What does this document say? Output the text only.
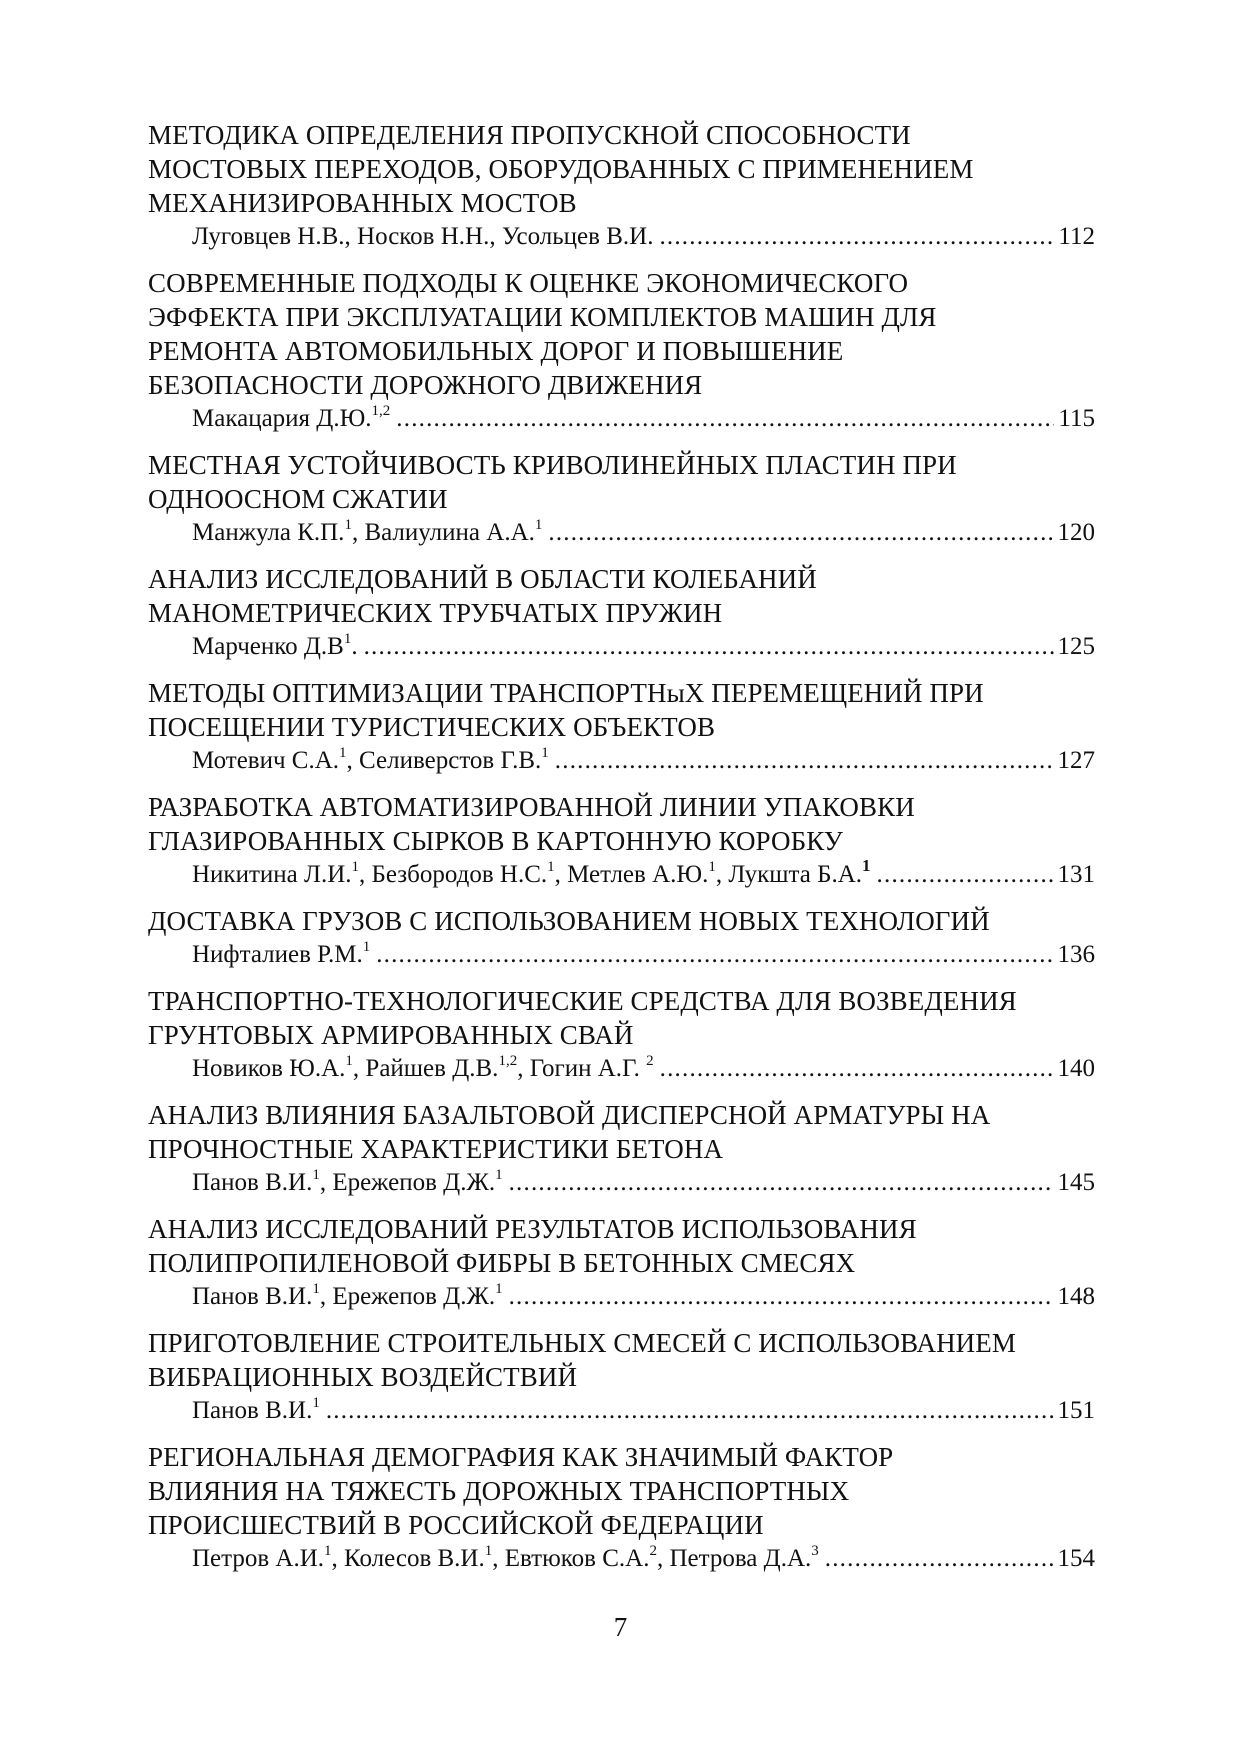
МЕТОДИКА ОПРЕДЕЛЕНИЯ ПРОПУСКНОЙ СПОСОБНОСТИ
МОСТОВЫХ ПЕРЕХОДОВ, ОБОРУДОВАННЫХ С ПРИМЕНЕНИЕМ
МЕХАНИЗИРОВАННЫХ МОСТОВ
Луговцев Н.В., Носков Н.Н., Усольцев В.И. .....	112
СОВРЕМЕННЫЕ ПОДХОДЫ К ОЦЕНКЕ ЭКОНОМИЧЕСКОГО
ЭФФЕКТА ПРИ ЭКСПЛУАТАЦИИ КОМПЛЕКТОВ МАШИН ДЛЯ
РЕМОНТА АВТОМОБИЛЬНЫХ ДОРОГ И ПОВЫШЕНИЕ
БЕЗОПАСНОСТИ ДОРОЖНОГО ДВИЖЕНИЯ
Макацария Д.Ю.$^{1,2}$ .....	115
МЕСТНАЯ УСТОЙЧИВОСТЬ КРИВОЛИНЕЙНЫХ ПЛАСТИН ПРИ
ОДНООСНОМ СЖАТИИ
Манжула К.П.$^1$, Валиулина А.А.$^1$ .....	120
АНАЛИЗ ИССЛЕДОВАНИЙ В ОБЛАСТИ КОЛЕБАНИЙ
МАНОМЕТРИЧЕСКИХ ТРУБЧАТЫХ ПРУЖИН
Марченко $Д.В^1$. .....	125
МЕТОДЫ ОПТИМИЗАЦИИ ТРАНСПОРТНыХ ПЕРЕМЕЩЕНИЙ ПРИ
ПОСЕЩЕНИИ ТУРИСТИЧЕСКИХ ОБЪЕКТОВ
Мотевич С.А.$^1$, Селиверстов Г.В.$^1$ .....	127
РАЗРАБОТКА АВТОМАТИЗИРОВАННОЙ ЛИНИИ УПАКОВКИ
ГЛАЗИРОВАННЫХ СЫРКОВ В КАРТОННУЮ КОРОБКУ
Никитина Л.И.$^1$, Безбородов Н.С.$^1$, Метлев А.Ю.$^1$, Лукшта Б.А.$^1$ .....	131
ДОСТАВКА ГРУЗОВ С ИСПОЛЬЗОВАНИЕМ НОВЫХ ТЕХНОЛОГИЙ
Нифталиев Р.М.$^1$ .....	136
ТРАНСПОРТНО-ТЕХНОЛОГИЧЕСКИЕ СРЕДСТВА ДЛЯ ВОЗВЕДЕНИЯ
ГРУНТОВЫХ АРМИРОВАННЫХ СВАЙ
Новиков Ю.А.$^1$, Райшев Д.В.$^{1,2}$, Гогин А.Г. $^2$ .....	140
АНАЛИЗ ВЛИЯНИЯ БАЗАЛЬТОВОЙ ДИСПЕРСНОЙ АРМАТУРЫ НА
ПРОЧНОСТНЫЕ ХАРАКТЕРИСТИКИ БЕТОНА
Панов В.И.$^1$, Ережепов Д.Ж.$^1$ .....	145
АНАЛИЗ ИССЛЕДОВАНИЙ РЕЗУЛЬТАТОВ ИСПОЛЬЗОВАНИЯ
ПОЛИПРОПИЛЕНОВОЙ ФИБРЫ В БЕТОННЫХ СМЕСЯХ
Панов В.И.$^1$, Ережепов Д.Ж.$^1$ .....	148
ПРИГОТОВЛЕНИЕ СТРОИТЕЛЬНЫХ СМЕСЕЙ С ИСПОЛЬЗОВАНИЕМ
ВИБРАЦИОННЫХ ВОЗДЕЙСТВИЙ
Панов В.И.$^1$ .....	151
РЕГИОНАЛЬНАЯ ДЕМОГРАФИЯ КАК ЗНАЧИМЫЙ ФАКТОР
ВЛИЯНИЯ НА ТЯЖЕСТЬ ДОРОЖНЫХ ТРАНСПОРТНЫХ
ПРОИСШЕСТВИЙ В РОССИЙСКОЙ ФЕДЕРАЦИИ
Петров А.И.$^1$, Колесов В.И.$^1$, Евтюков С.А.$^2$, Петрова Д.А.$^3$ .....	154
7
